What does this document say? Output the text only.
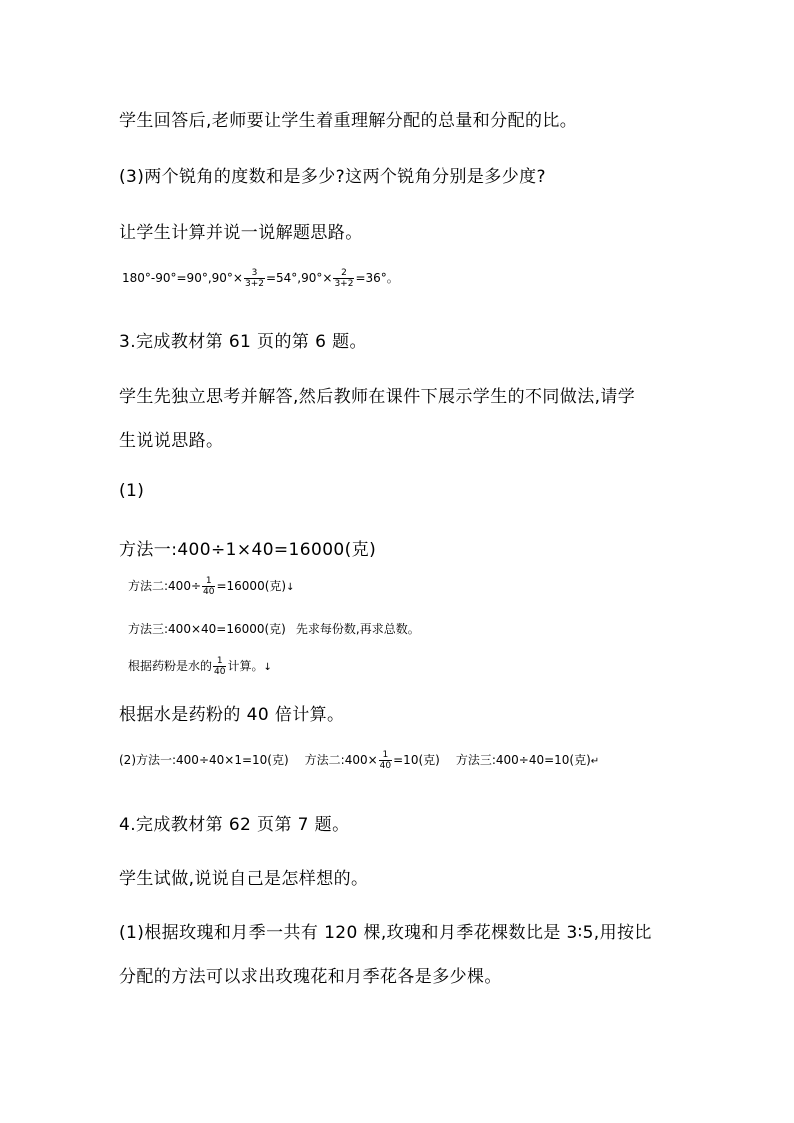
学生回答后,老师要让学生着重理解分配的总量和分配的比。
(3)两个锐角的度数和是多少?这两个锐角分别是多少度?
让学生计算并说一说解题思路。
$180^\circ-90^\circ=90^\circ,90^\circ\times \frac{3}{3+2} =54^\circ,90^\circ\times \frac{2}{3+2} =36^\circ$。
3.完成教材第 61 页的第 6 题。
学生先独立思考并解答,然后教师在课件下展示学生的不同做法,请学
生说说思路。
(1)
方法一:400÷1×40=16000(克)
方法二:400÷ $\frac{1}{40} =16000$(克)↓
方法三:400×40=16000(克) 先求每份数,再求总数。
根据药粉是水的 $\frac{1}{40}$ 计算。↓
根据水是药粉的 40 倍计算。
(2)方法一:400÷40×1=10(克) 方法二:400× $\frac{1}{40} =10$(克) 方法三:400÷40=10(克)↵
4.完成教材第 62 页第 7 题。
学生试做,说说自己是怎样想的。
(1)根据玫瑰和月季一共有 120 棵,玫瑰和月季花棵数比是 3∶5,用按比
分配的方法可以求出玫瑰花和月季花各是多少棵。
